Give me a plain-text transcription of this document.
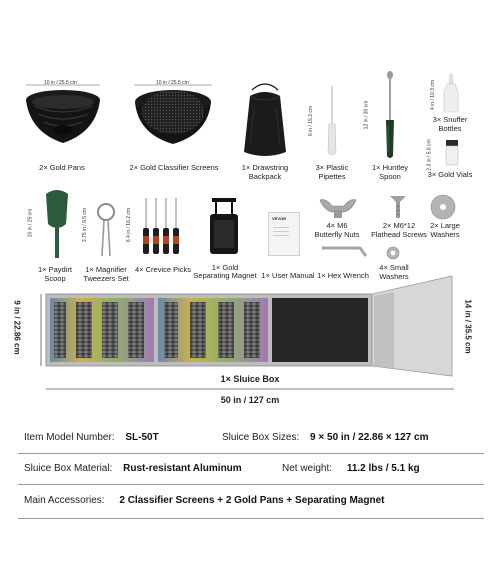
10 in / 25.5 cm
2× Gold Pans
10 in / 25.5 cm
2× Gold Classifier Screens	1× Drawstring
Backpack
6 in / 15.3 cm
3× Plastic
Pipettes
12 in / 30 cm
1× Huntley
Spoon
4 in / 10.3 cm
3× Snuffer
Bottles
2.3 in / 5.8 cm
3× Gold Vials
10 in / 25 cm
1× Paydirt
Scoop
3.75 in / 9.5 cm
1× Magnifier
Tweezers Set
6.4 in / 16.2 cm
4× Crevice Picks	1× Gold
Separating Magnet
VEVOR
1× User Manual
4× M6
Butterfly Nuts
2× M6*12
Flathead Screws
2× Large
Washers
1× Hex Wrench
4× Small
Washers
9 in / 22.86 cm	14 in / 35.5 cm
1× Sluice Box
50 in / 127 cm
Item Model Number: SL-50T	Sluice Box Sizes: 9 × 50 in / 22.86 × 127 cm
Sluice Box Material: Rust-resistant Aluminum	Net weight: 11.2 lbs / 5.1 kg
Main Accessories: 2 Classifier Screens + 2 Gold Pans + Separating Magnet
